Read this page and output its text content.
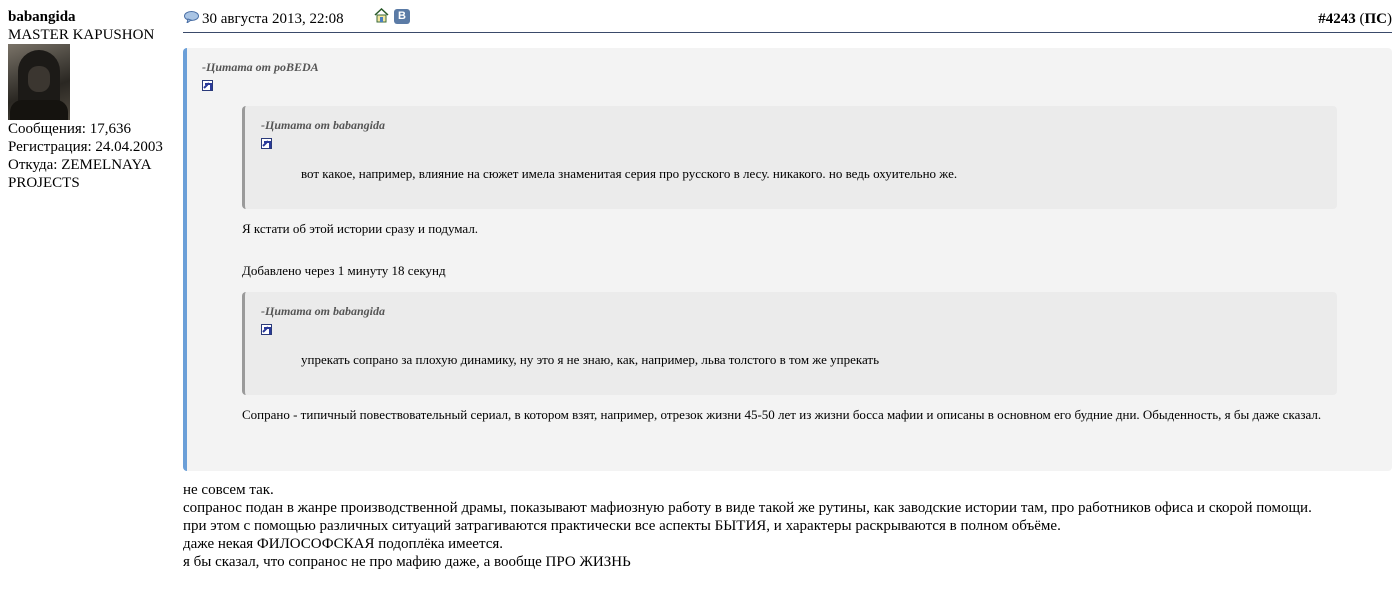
babangida
MASTER KAPUSHON
Сообщения: 17,636
Регистрация: 24.04.2003
Откуда: ZEMELNAYA
PROJECTS
30 августа 2013, 22:08	В	#4243 (ПС)
-Цитата от poBEDA
-Цитата от babangida
вот какое, например, влияние на сюжет имела знаменитая серия про русского в лесу. никакого. но ведь охуительно же.
Я кстати об этой истории сразу и подумал.
Добавлено через 1 минуту 18 секунд
-Цитата от babangida
упрекать сопрано за плохую динамику, ну это я не знаю, как, например, льва толстого в том же упрекать
Сопрано - типичный повествовательный сериал, в котором взят, например, отрезок жизни 45-50 лет из жизни босса мафии и описаны в основном его будние дни. Обыденность, я бы даже сказал.
не совсем так.
сопранос подан в жанре производственной драмы, показывают мафиозную работу в виде такой же рутины, как заводские истории там, про работников офиса и скорой помощи.
при этом с помощью различных ситуаций затрагиваются практически все аспекты БЫТИЯ, и характеры раскрываются в полном объёме.
даже некая ФИЛОСОФСКАЯ подоплёка имеется.
я бы сказал, что сопранос не про мафию даже, а вообще ПРО ЖИЗНЬ
